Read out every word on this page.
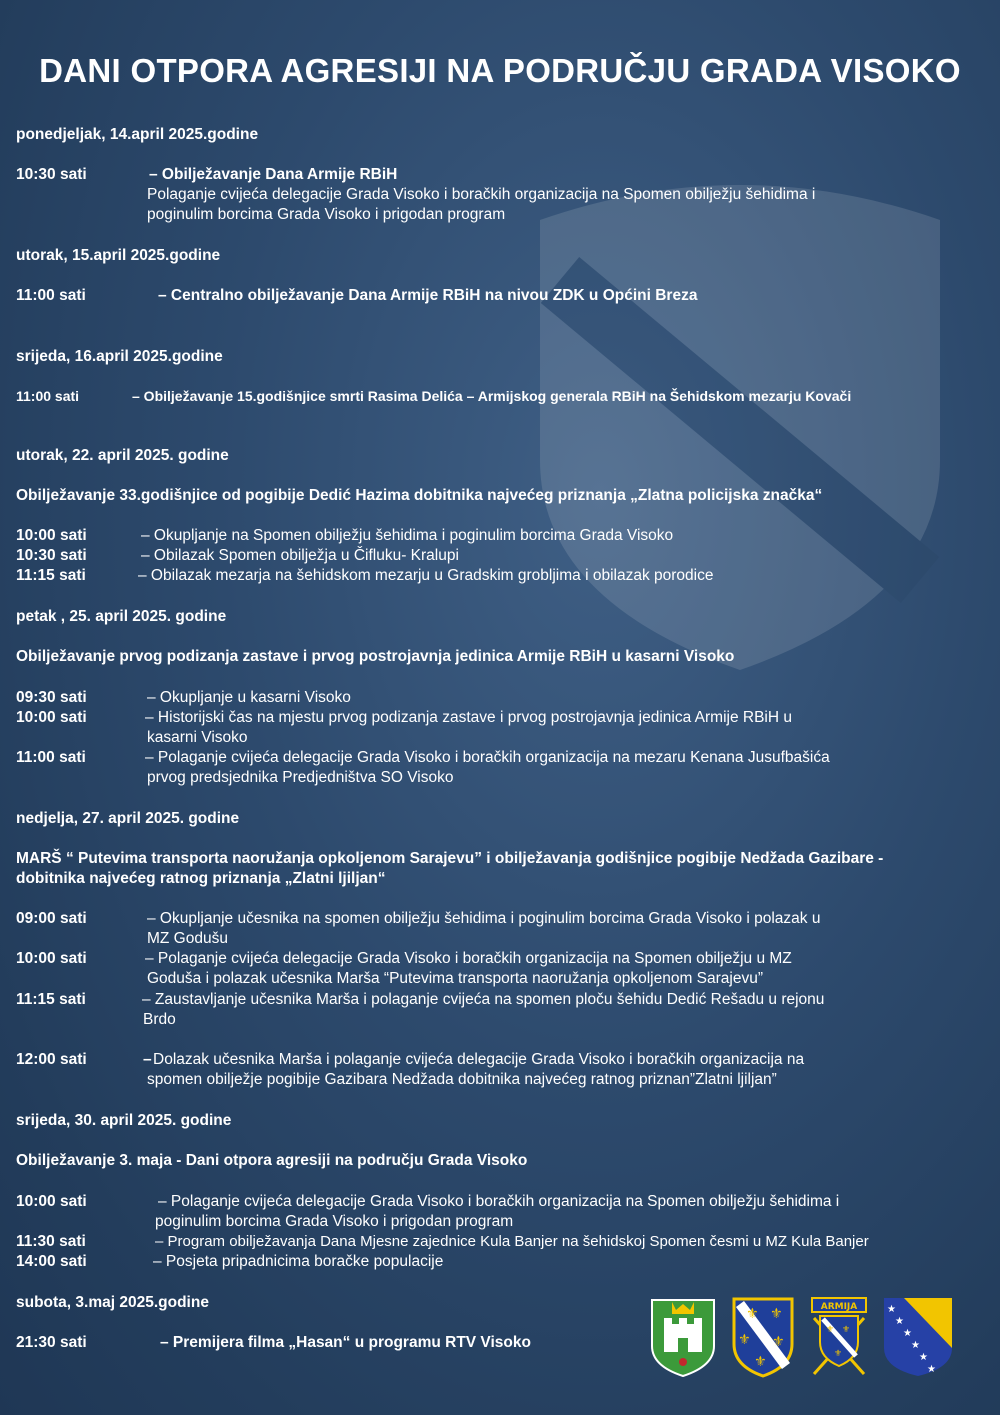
DANI OTPORA AGRESIJI NA PODRUČJU GRADA VISOKO
ponedjeljak, 14.april 2025.godine
10:30 sati	– Obilježavanje Dana Armije RBiH
Polaganje cvijeća delegacije Grada Visoko i boračkih organizacija na Spomen obilježju šehidima i
poginulim borcima Grada Visoko i prigodan program
utorak, 15.april 2025.godine
11:00 sati	– Centralno obilježavanje Dana Armije RBiH na nivou ZDK u Općini Breza
srijeda, 16.april 2025.godine
11:00 sati	– Obilježavanje 15.godišnjice smrti Rasima Delića – Armijskog generala RBiH na Šehidskom mezarju Kovači
utorak, 22. april 2025. godine
Obilježavanje 33.godišnjice od pogibije Dedić Hazima dobitnika najvećeg priznanja „Zlatna policijska značka“
10:00 sati	– Okupljanje na Spomen obilježju šehidima i poginulim borcima Grada Visoko
10:30 sati	– Obilazak Spomen obilježja u Čifluku- Kralupi
11:15 sati	– Obilazak mezarja na šehidskom mezarju u Gradskim grobljima i obilazak porodice
petak , 25. april 2025. godine
Obilježavanje prvog podizanja zastave i prvog postrojavnja jedinica Armije RBiH u kasarni Visoko
09:30 sati	– Okupljanje u kasarni Visoko
10:00 sati	– Historijski čas na mjestu prvog podizanja zastave i prvog postrojavnja jedinica Armije RBiH u
kasarni Visoko
11:00 sati	– Polaganje cvijeća delegacije Grada Visoko i boračkih organizacija na mezaru Kenana Jusufbašića
prvog predsjednika Predjedništva SO Visoko
nedjelja, 27. april 2025. godine
MARŠ “ Putevima transporta naoružanja opkoljenom Sarajevu” i obilježavanja godišnjice pogibije Nedžada Gazibare -
dobitnika najvećeg ratnog priznanja „Zlatni ljiljan“
09:00 sati	– Okupljanje učesnika na spomen obilježju šehidima i poginulim borcima Grada Visoko i polazak u
MZ Godušu
10:00 sati	– Polaganje cvijeća delegacije Grada Visoko i boračkih organizacija na Spomen obilježju u MZ
Goduša i polazak učesnika Marša “Putevima transporta naoružanja opkoljenom Sarajevu”
11:15 sati	– Zaustavljanje učesnika Marša i polaganje cvijeća na spomen ploču šehidu Dedić Rešadu u rejonu
Brdo
12:00 sati	– Dolazak učesnika Marša i polaganje cvijeća delegacije Grada Visoko i boračkih organizacija na
spomen obilježje pogibije Gazibara Nedžada dobitnika najvećeg ratnog priznan”Zlatni ljiljan”
srijeda, 30. april 2025. godine
Obilježavanje 3. maja - Dani otpora agresiji na području Grada Visoko
10:00 sati	– Polaganje cvijeća delegacije Grada Visoko i boračkih organizacija na Spomen obilježju šehidima i
poginulim borcima Grada Visoko i prigodan program
11:30 sati	– Program obilježavanja Dana Mjesne zajednice Kula Banjer na šehidskoj Spomen česmi u MZ Kula Banjer
14:00 sati	– Posjeta pripadnicima boračke populacije
subota, 3.maj 2025.godine
21:30 sati	– Premijera filma „Hasan“ u programu RTV Visoko
⚜ ⚜
⚜ ⚜
⚜
ARMIJA
⚜ ⚜
⚜
★
★
★
★
★
★
